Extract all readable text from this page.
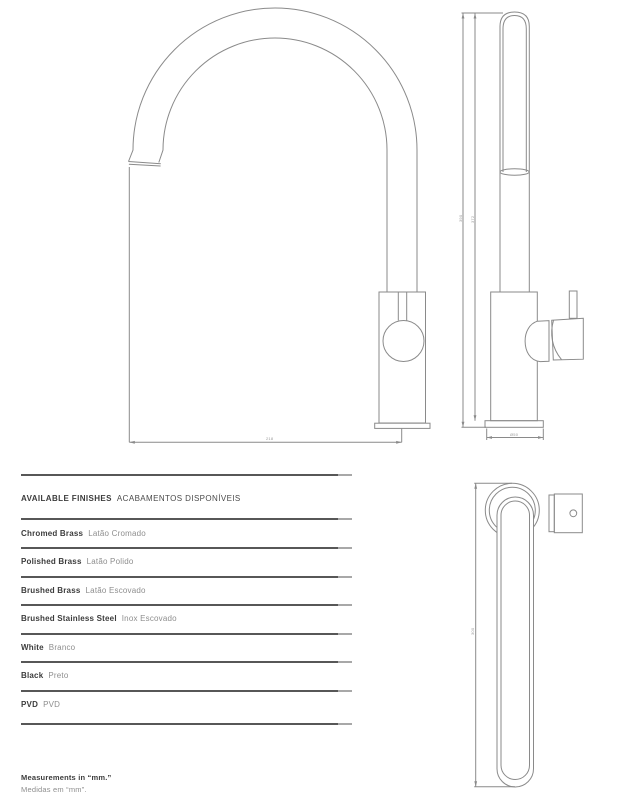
218
390 372
Ø50
300
AVAILABLE FINISHES ACABAMENTOS DISPONÍVEIS
Chromed Brass Latão Cromado
Polished Brass Latão Polido
Brushed Brass Latão Escovado
Brushed Stainless Steel Inox Escovado
White Branco
Black Preto
PVD PVD
Measurements in “mm.”
Medidas em “mm”.
